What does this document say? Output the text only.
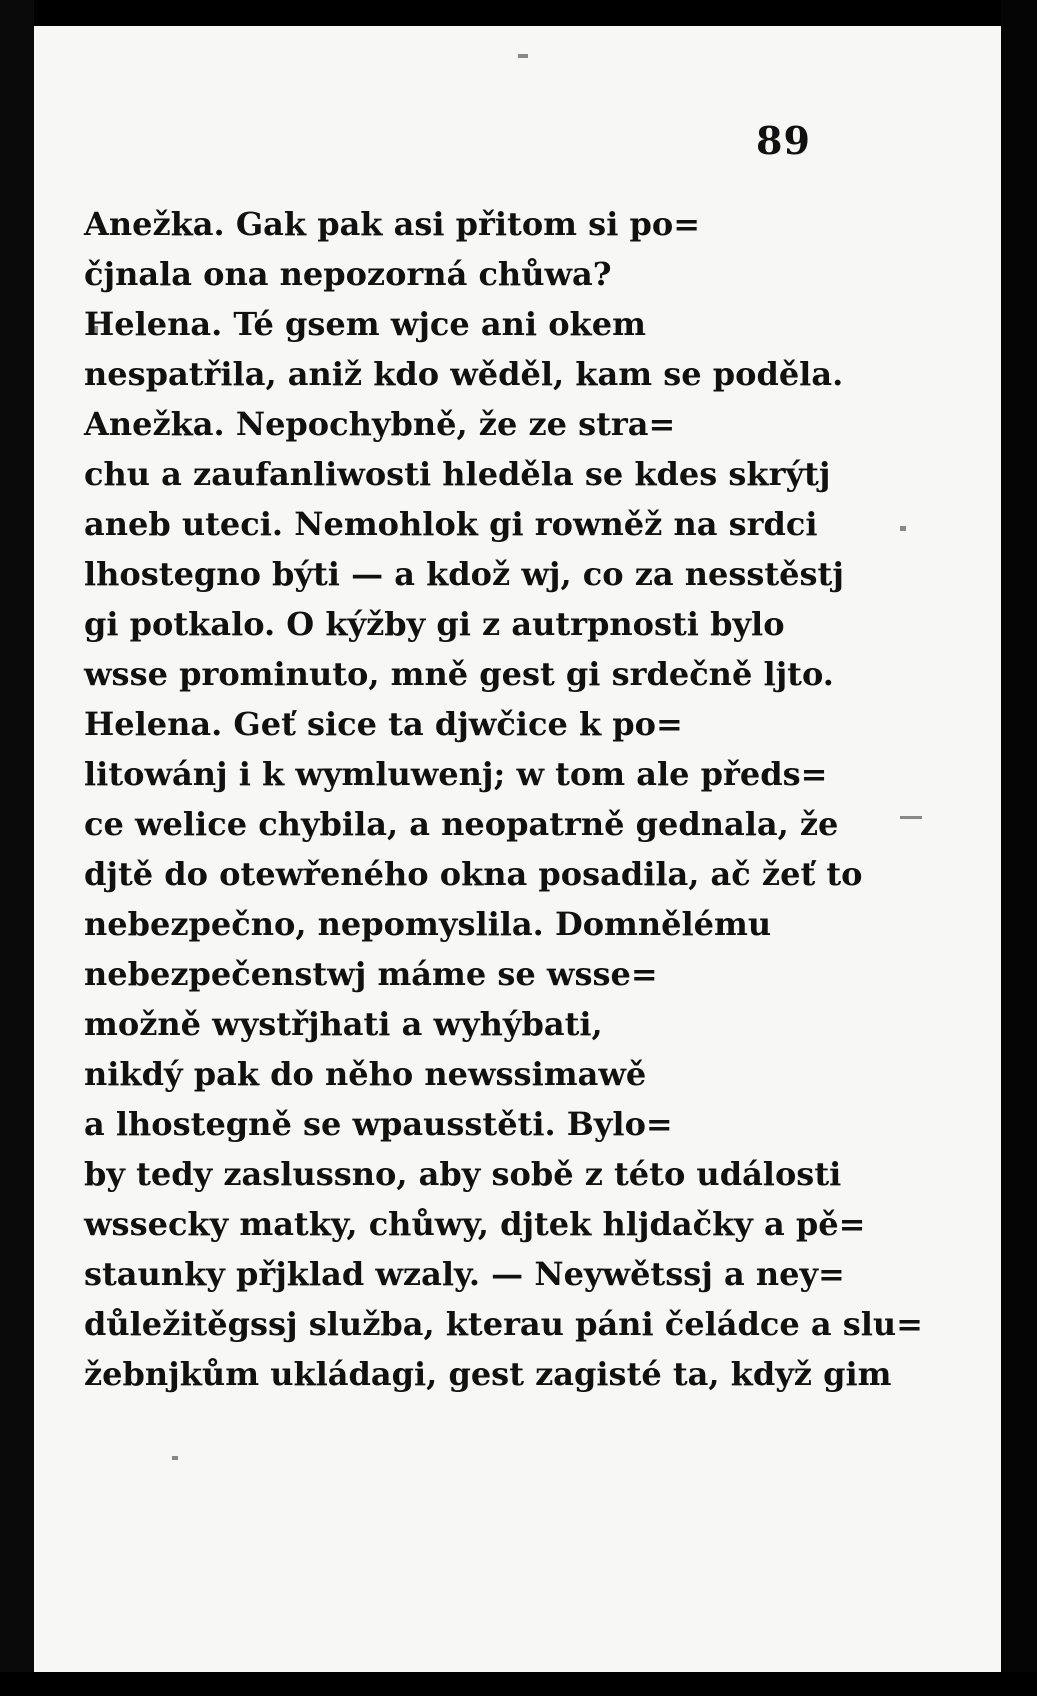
89
Anežka. Gak pak asi přitom si po=
čjnala ona nepozorná chůwa?
Helena. Té gsem wjce ani okem
nespatřila, aniž kdo wěděl, kam se poděla.
Anežka. Nepochybně, že ze stra=
chu a zaufanliwosti hleděla se kdes skrýtj
aneb uteci. Nemohlok gi rowněž na srdci
lhostegno býti — a kdož wj, co za nesstěstj
gi potkalo. O kýžby gi z autrpnosti bylo
wsse prominuto, mně gest gi srdečně ljto.
Helena. Geť sice ta djwčice k po=
litowánj i k wymluwenj; w tom ale předs=
ce welice chybila, a neopatrně gednala, že
djtě do otewřeného okna posadila, ač žeť to
nebezpečno, nepomyslila. Domnělému
nebezpečenstwj máme se wsse=
možně wystřjhati a wyhýbati,
nikdý pak do něho newssimawě
a lhostegně se wpausstěti. Bylo=
by tedy zaslussno, aby sobě z této události
wssecky matky, chůwy, djtek hljdačky a pě=
staunky přjklad wzaly. — Neywětssj a ney=
důležitěgssj služba, kterau páni čeládce a slu=
žebnjkům ukládagi, gest zagisté ta, když gim
